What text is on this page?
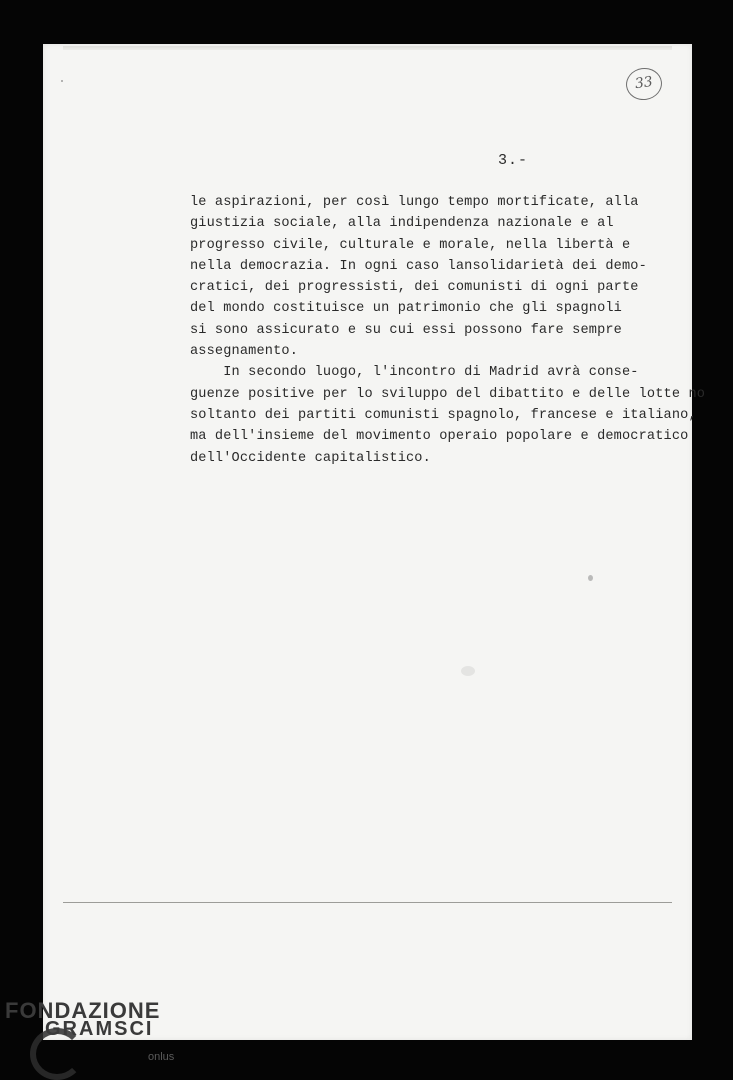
33
3.-
le aspirazioni, per così lungo tempo mortificate, alla
giustizia sociale, alla indipendenza nazionale e al
progresso civile, culturale e morale, nella libertà e
nella democrazia. In ogni caso lansolidarietà dei demo-
cratici, dei progressisti, dei comunisti di ogni parte
del mondo costituisce un patrimonio che gli spagnoli
si sono assicurato e su cui essi possono fare sempre
assegnamento.
In secondo luogo, l'incontro di Madrid avrà conse-
guenze positive per lo sviluppo del dibattito e delle lotte no
soltanto dei partiti comunisti spagnolo, francese e italiano,
ma dell'insieme del movimento operaio popolare e democratico
dell'Occidente capitalistico.
FONDAZIONE
GRAMSCI
onlus
